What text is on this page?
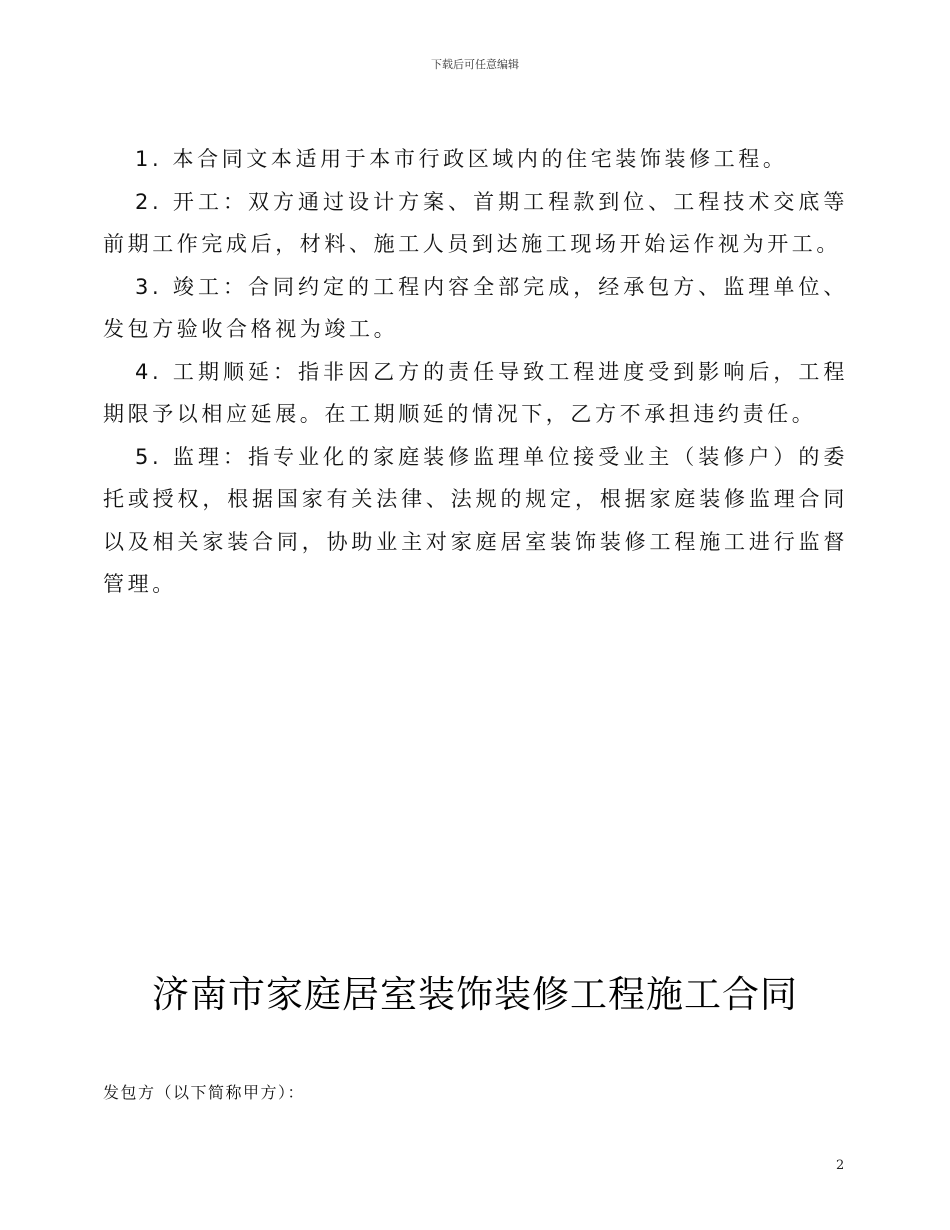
下载后可任意编辑

1. 本合同文本适用于本市行政区域内的住宅装饰装修工程。

2. 开工：双方通过设计方案、首期工程款到位、工程技术交底等前期工作完成后，材料、施工人员到达施工现场开始运作视为开工。

3. 竣工：合同约定的工程内容全部完成，经承包方、监理单位、发包方验收合格视为竣工。

4. 工期顺延：指非因乙方的责任导致工程进度受到影响后，工程期限予以相应延展。在工期顺延的情况下，乙方不承担违约责任。

5. 监理：指专业化的家庭装修监理单位接受业主（装修户）的委托或授权，根据国家有关法律、法规的规定，根据家庭装修监理合同以及相关家装合同，协助业主对家庭居室装饰装修工程施工进行监督管理。

济南市家庭居室装饰装修工程施工合同
发包方（以下简称甲方）：
2
